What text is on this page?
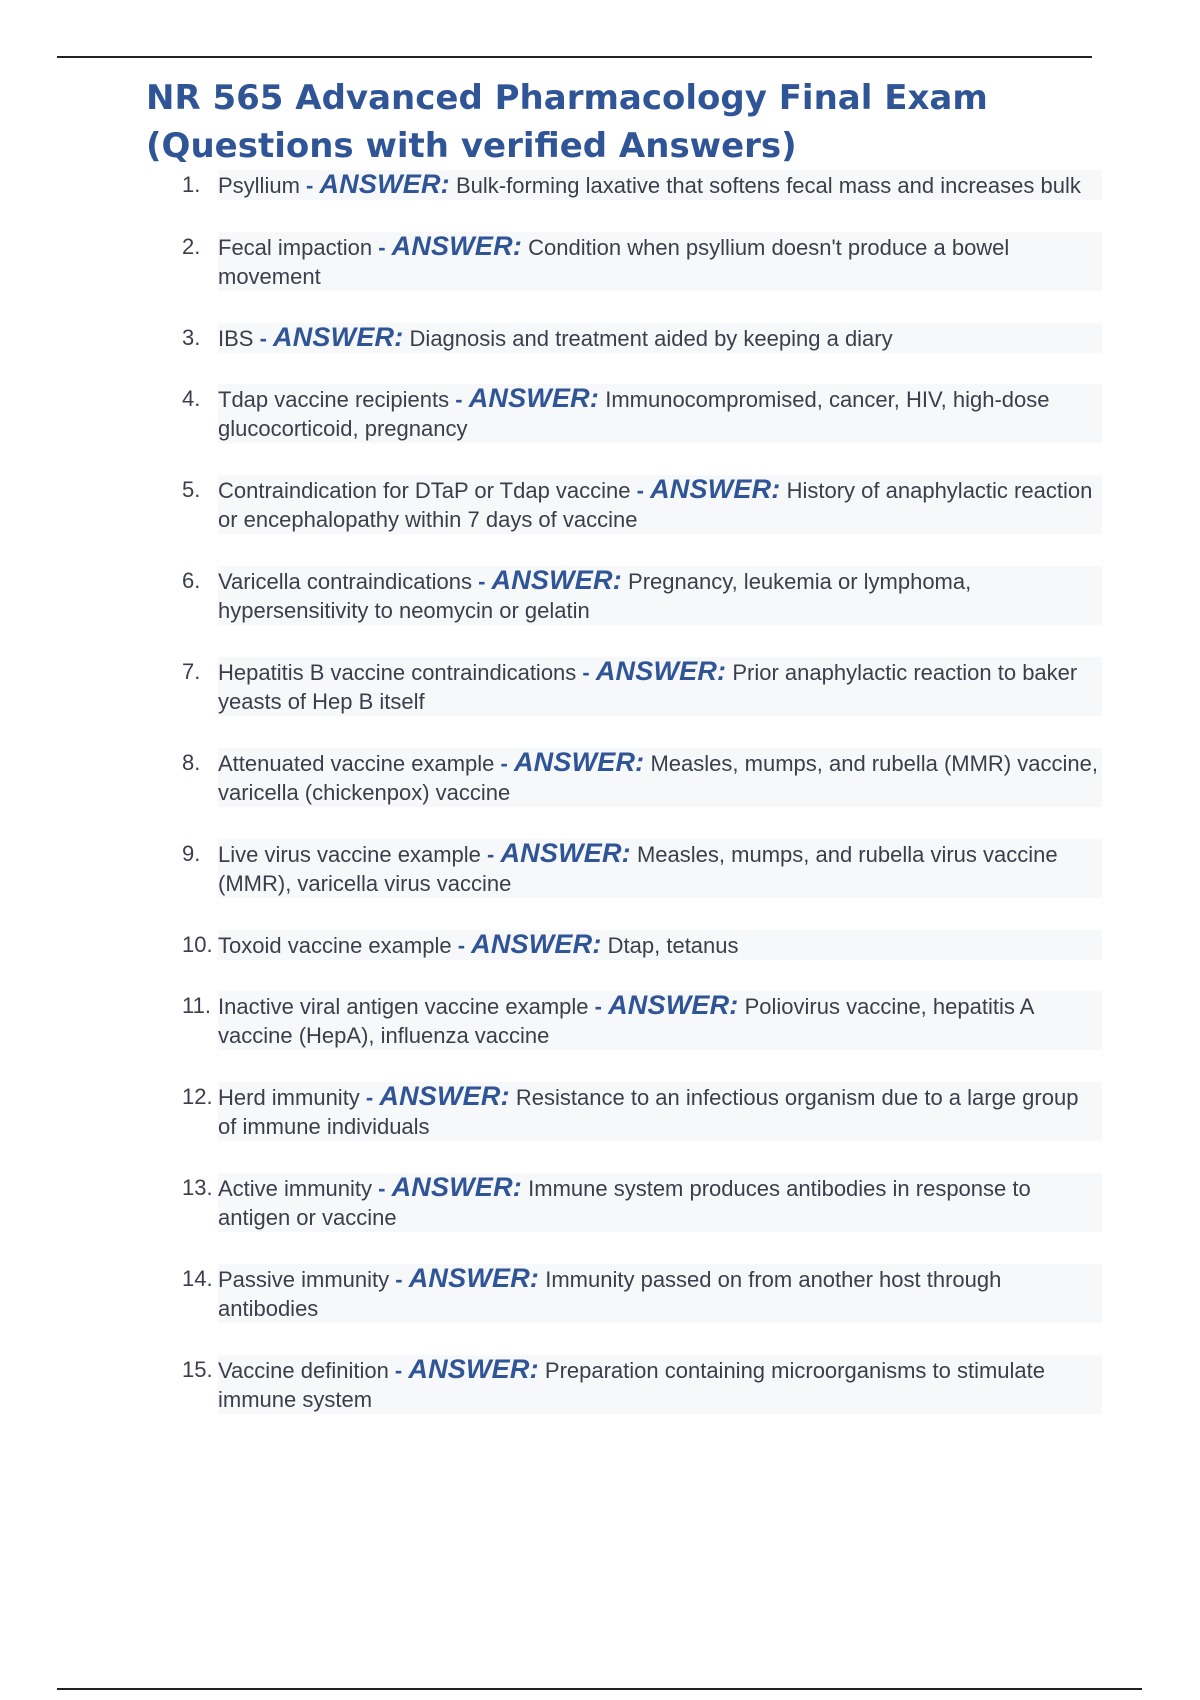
NR 565 Advanced Pharmacology Final Exam
(Questions with verified Answers)
1. Psyllium - ANSWER: Bulk-forming laxative that softens fecal mass and increases bulk
2. Fecal impaction - ANSWER: Condition when psyllium doesn't produce a bowel movement
3. IBS - ANSWER: Diagnosis and treatment aided by keeping a diary
4. Tdap vaccine recipients - ANSWER: Immunocompromised, cancer, HIV, high-dose glucocorticoid, pregnancy
5. Contraindication for DTaP or Tdap vaccine - ANSWER: History of anaphylactic reaction or encephalopathy within 7 days of vaccine
6. Varicella contraindications - ANSWER: Pregnancy, leukemia or lymphoma, hypersensitivity to neomycin or gelatin
7. Hepatitis B vaccine contraindications - ANSWER: Prior anaphylactic reaction to baker yeasts of Hep B itself
8. Attenuated vaccine example - ANSWER: Measles, mumps, and rubella (MMR) vaccine, varicella (chickenpox) vaccine
9. Live virus vaccine example - ANSWER: Measles, mumps, and rubella virus vaccine (MMR), varicella virus vaccine
10. Toxoid vaccine example - ANSWER: Dtap, tetanus
11. Inactive viral antigen vaccine example - ANSWER: Poliovirus vaccine, hepatitis A vaccine (HepA), influenza vaccine
12. Herd immunity - ANSWER: Resistance to an infectious organism due to a large group of immune individuals
13. Active immunity - ANSWER: Immune system produces antibodies in response to antigen or vaccine
14. Passive immunity - ANSWER: Immunity passed on from another host through antibodies
15. Vaccine definition - ANSWER: Preparation containing microorganisms to stimulate immune system
